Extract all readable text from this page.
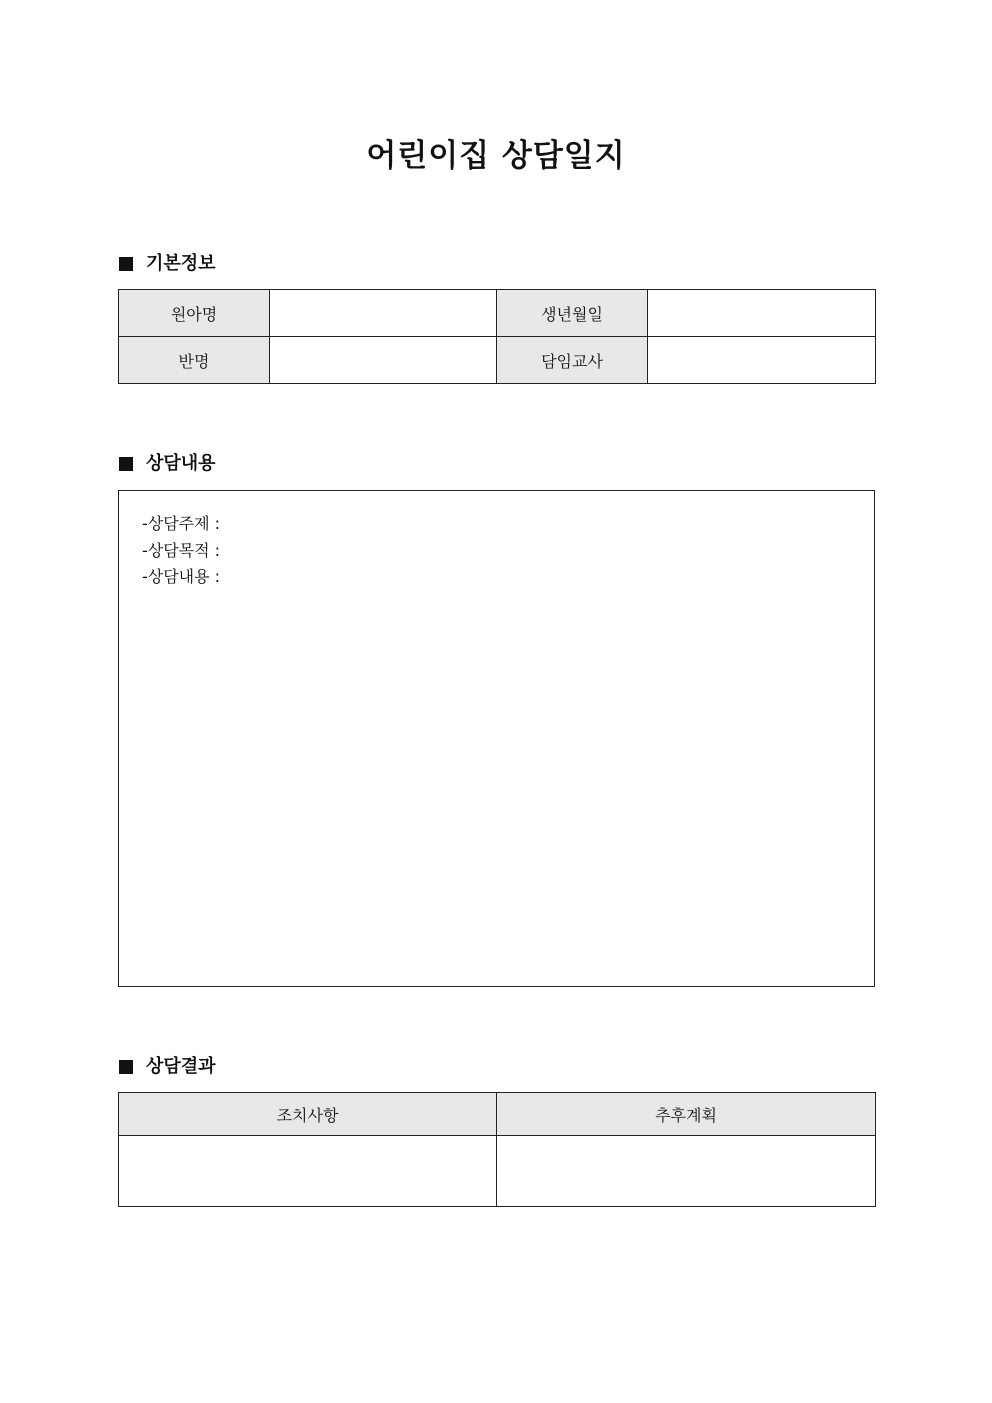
어린이집 상담일지
기본정보
원아명		생년월일	
반명		담임교사	
상담내용
-상담주제 :
-상담목적 :
-상담내용 :
상담결과
조치사항	추후계획
